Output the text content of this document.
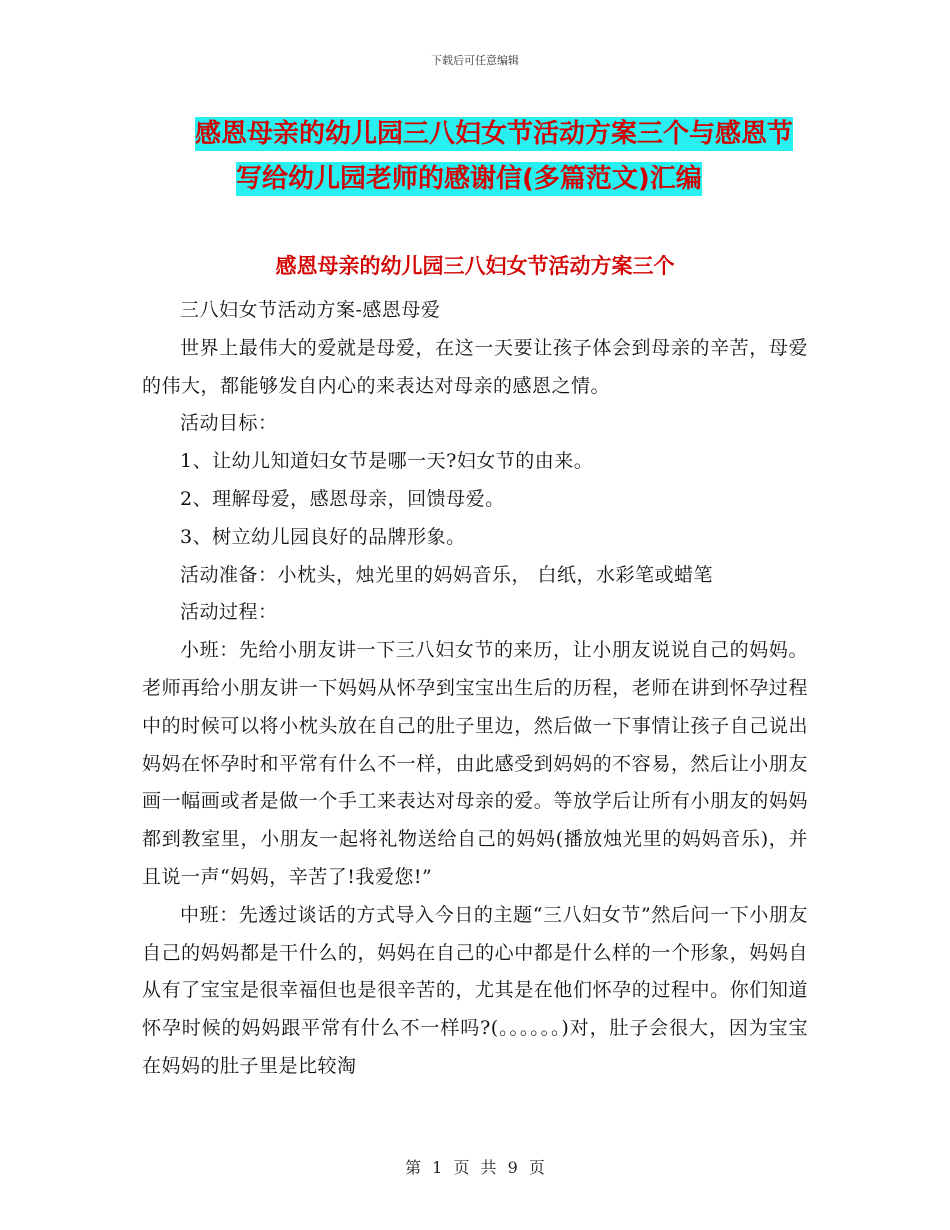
下载后可任意编辑
感恩母亲的幼儿园三八妇女节活动方案三个与感恩节
写给幼儿园老师的感谢信(多篇范文)汇编
感恩母亲的幼儿园三八妇女节活动方案三个

三八妇女节活动方案-感恩母爱

世界上最伟大的爱就是母爱，在这一天要让孩子体会到母亲的辛苦，母爱的伟大，都能够发自内心的来表达对母亲的感恩之情。

活动目标：

1、让幼儿知道妇女节是哪一天?妇女节的由来。

2、理解母爱，感恩母亲，回馈母爱。

3、树立幼儿园良好的品牌形象。

活动准备：小枕头，烛光里的妈妈音乐， 白纸，水彩笔或蜡笔

活动过程：

小班：先给小朋友讲一下三八妇女节的来历，让小朋友说说自己的妈妈。老师再给小朋友讲一下妈妈从怀孕到宝宝出生后的历程，老师在讲到怀孕过程中的时候可以将小枕头放在自己的肚子里边，然后做一下事情让孩子自己说出妈妈在怀孕时和平常有什么不一样，由此感受到妈妈的不容易，然后让小朋友画一幅画或者是做一个手工来表达对母亲的爱。等放学后让所有小朋友的妈妈都到教室里，小朋友一起将礼物送给自己的妈妈(播放烛光里的妈妈音乐)，并且说一声“妈妈，辛苦了!我爱您!”

中班：先透过谈话的方式导入今日的主题“三八妇女节”然后问一下小朋友自己的妈妈都是干什么的，妈妈在自己的心中都是什么样的一个形象，妈妈自从有了宝宝是很幸福但也是很辛苦的，尤其是在他们怀孕的过程中。你们知道怀孕时候的妈妈跟平常有什么不一样吗?(。。。。。。)对，肚子会很大，因为宝宝在妈妈的肚子里是比较淘

第 1 页 共 9 页
